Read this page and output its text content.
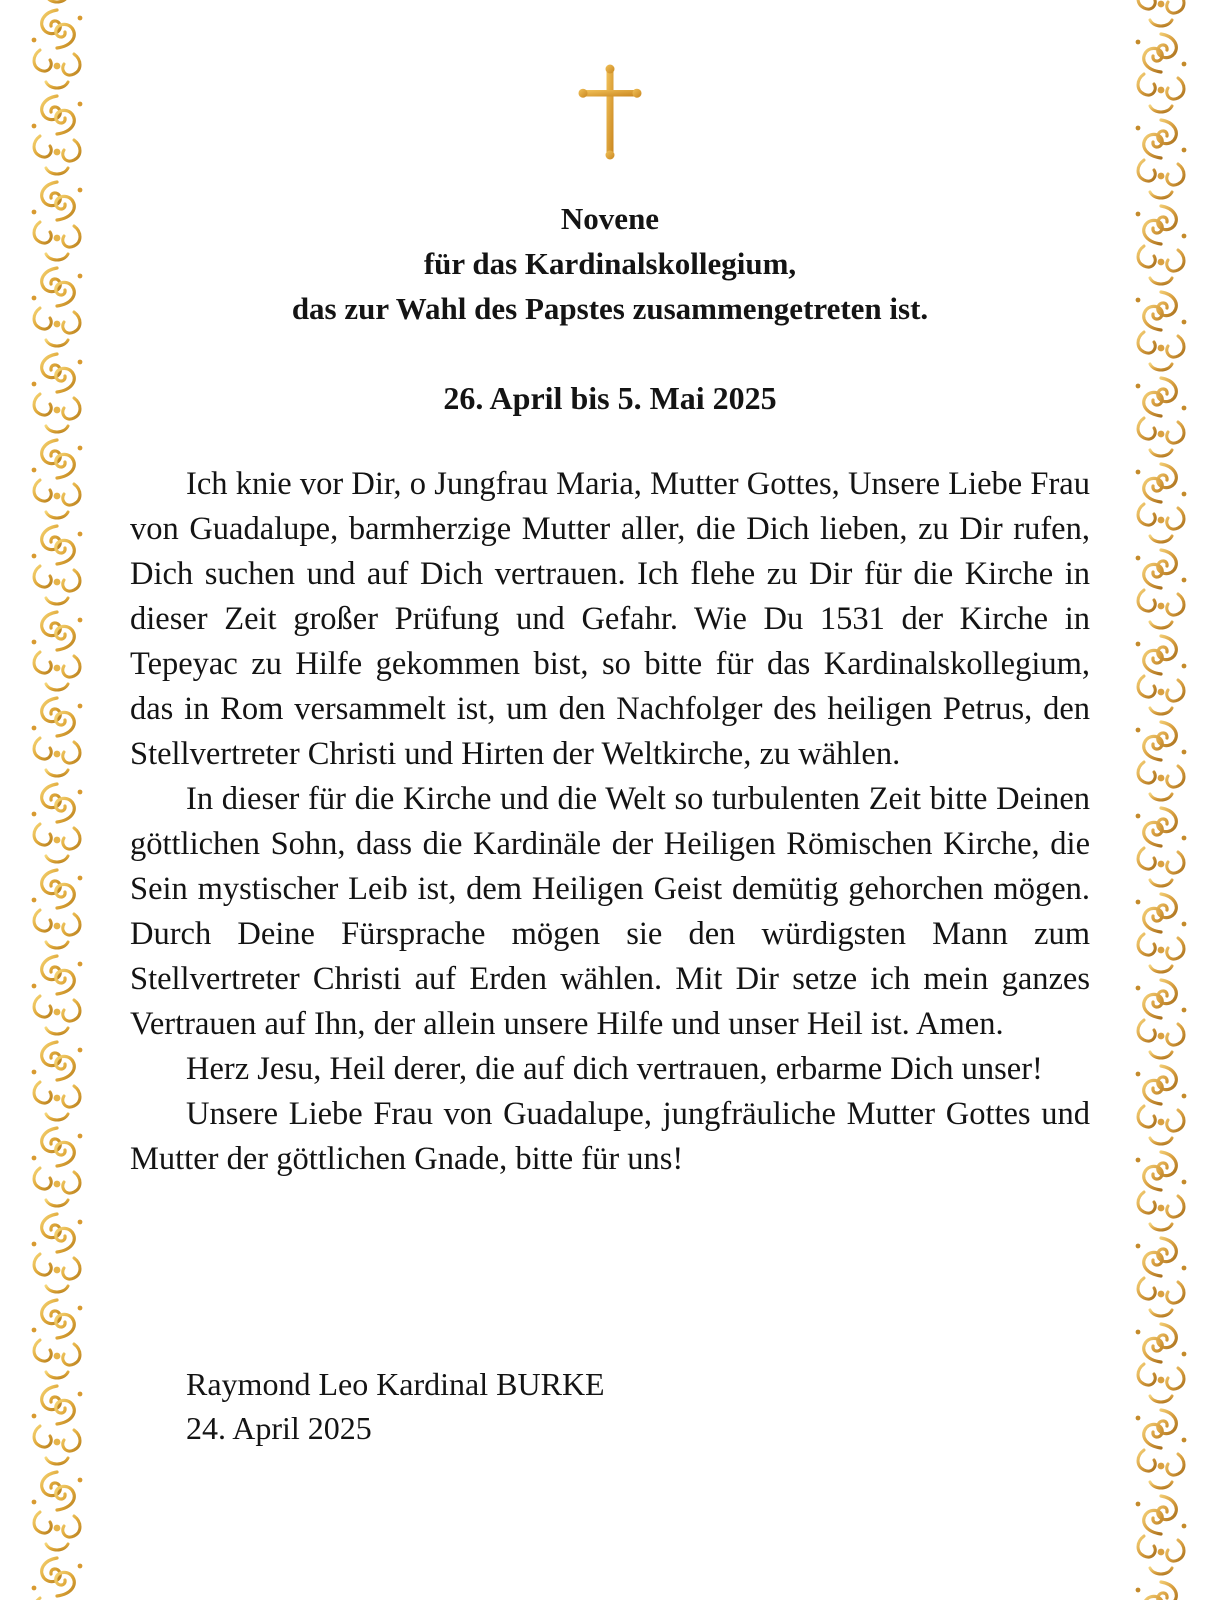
Novene
für das Kardinalskollegium,
das zur Wahl des Papstes zusammengetreten ist.
26. April bis 5. Mai 2025

Ich knie vor Dir, o Jungfrau Maria, Mutter Gottes, Unsere Liebe Frau von Guadalupe, barmherzige Mutter aller, die Dich lieben, zu Dir rufen, Dich suchen und auf Dich vertrauen. Ich flehe zu Dir für die Kirche in dieser Zeit großer Prüfung und Gefahr. Wie Du 1531 der Kirche in Tepeyac zu Hilfe gekommen bist, so bitte für das Kardinalskollegium, das in Rom versammelt ist, um den Nachfolger des heiligen Petrus, den Stellvertreter Christi und Hirten der Weltkirche, zu wählen.

In dieser für die Kirche und die Welt so turbulenten Zeit bitte Deinen göttlichen Sohn, dass die Kardinäle der Heiligen Römischen Kirche, die Sein mystischer Leib ist, dem Heiligen Geist demütig gehorchen mögen. Durch Deine Fürsprache mögen sie den würdigsten Mann zum Stellvertreter Christi auf Erden wählen. Mit Dir setze ich mein ganzes Vertrauen auf Ihn, der allein unsere Hilfe und unser Heil ist. Amen.

Herz Jesu, Heil derer, die auf dich vertrauen, erbarme Dich unser!

Unsere Liebe Frau von Guadalupe, jungfräuliche Mutter Gottes und Mutter der göttlichen Gnade, bitte für uns!

Raymond Leo Kardinal BURKE
24. April 2025
